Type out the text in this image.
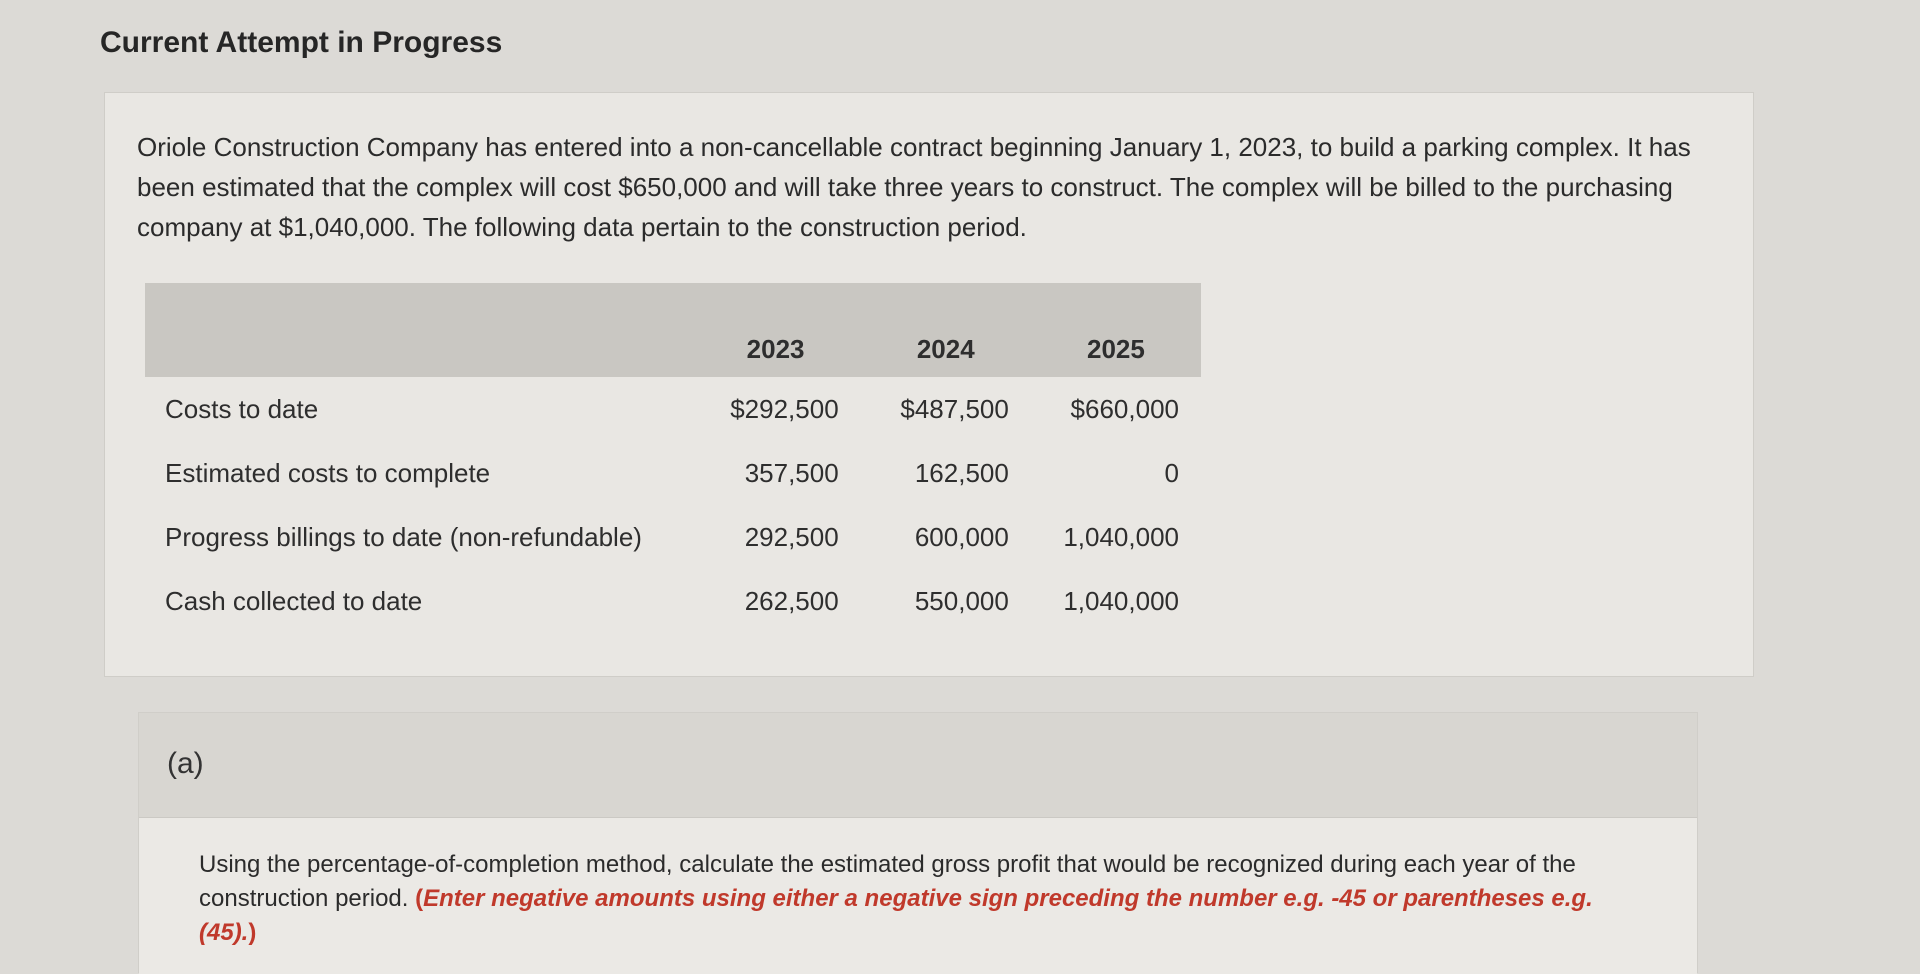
Current Attempt in Progress

Oriole Construction Company has entered into a non-cancellable contract beginning January 1, 2023, to build a parking complex. It has been estimated that the complex will cost $650,000 and will take three years to construct. The complex will be billed to the purchasing company at $1,040,000. The following data pertain to the construction period.

	2023	2024	2025
Costs to date	$292,500	$487,500	$660,000
Estimated costs to complete	357,500	162,500	0
Progress billings to date (non-refundable)	292,500	600,000	1,040,000
Cash collected to date	262,500	550,000	1,040,000
(a)

Using the percentage-of-completion method, calculate the estimated gross profit that would be recognized during each year of the construction period. (Enter negative amounts using either a negative sign preceding the number e.g. -45 or parentheses e.g. (45).)
